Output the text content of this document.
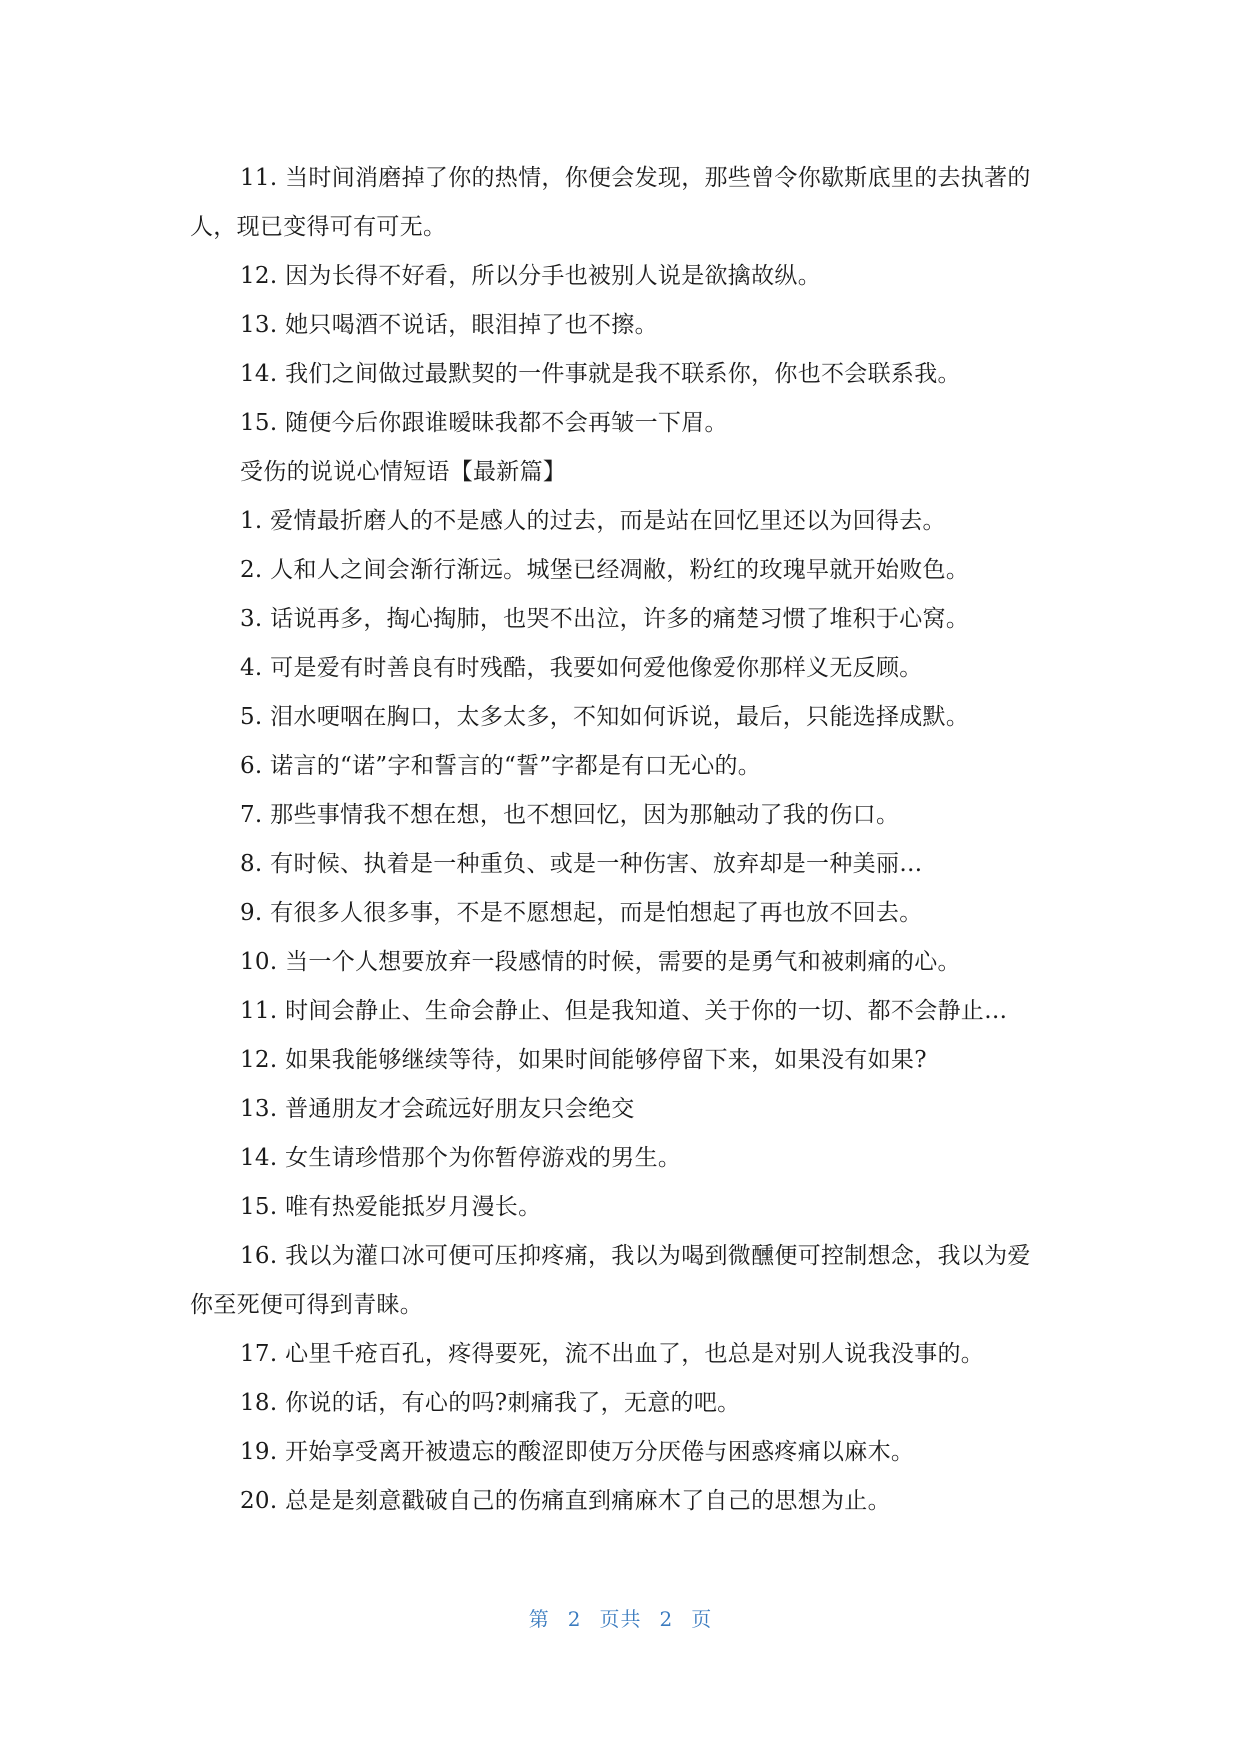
11. 当时间消磨掉了你的热情，你便会发现，那些曾令你歇斯底里的去执著的人，现已变得可有可无。

12. 因为长得不好看，所以分手也被别人说是欲擒故纵。

13. 她只喝酒不说话，眼泪掉了也不擦。

14. 我们之间做过最默契的一件事就是我不联系你，你也不会联系我。

15. 随便今后你跟谁暧昧我都不会再皱一下眉。

受伤的说说心情短语【最新篇】

1. 爱情最折磨人的不是感人的过去，而是站在回忆里还以为回得去。

2. 人和人之间会渐行渐远。城堡已经凋敝，粉红的玫瑰早就开始败色。

3. 话说再多，掏心掏肺，也哭不出泣，许多的痛楚习惯了堆积于心窝。

4. 可是爱有时善良有时残酷，我要如何爱他像爱你那样义无反顾。

5. 泪水哽咽在胸口，太多太多，不知如何诉说，最后，只能选择成默。

6. 诺言的“诺”字和誓言的“誓”字都是有口无心的。

7. 那些事情我不想在想，也不想回忆，因为那触动了我的伤口。

8. 有时候、执着是一种重负、或是一种伤害、放弃却是一种美丽…

9. 有很多人很多事，不是不愿想起，而是怕想起了再也放不回去。

10. 当一个人想要放弃一段感情的时候，需要的是勇气和被刺痛的心。

11. 时间会静止、生命会静止、但是我知道、关于你的一切、都不会静止…

12. 如果我能够继续等待，如果时间能够停留下来，如果没有如果?

13. 普通朋友才会疏远好朋友只会绝交

14. 女生请珍惜那个为你暂停游戏的男生。

15. 唯有热爱能抵岁月漫长。

16. 我以为灌口冰可便可压抑疼痛，我以为喝到微醺便可控制想念，我以为爱你至死便可得到青睐。

17. 心里千疮百孔，疼得要死，流不出血了，也总是对别人说我没事的。

18. 你说的话，有心的吗?刺痛我了，无意的吧。

19. 开始享受离开被遗忘的酸涩即使万分厌倦与困惑疼痛以麻木。

20. 总是是刻意戳破自己的伤痛直到痛麻木了自己的思想为止。

第 2 页共 2 页
